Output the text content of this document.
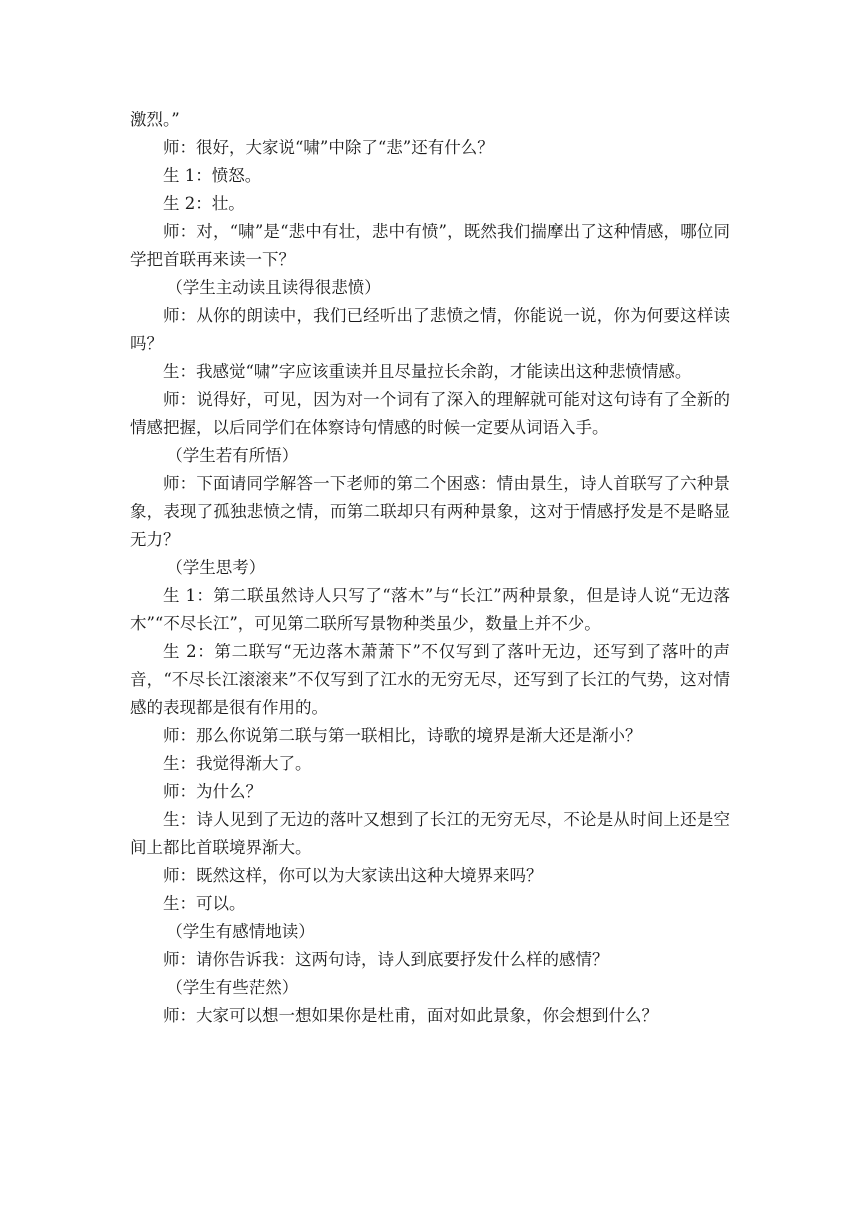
激烈。”

师：很好，大家说“啸”中除了“悲”还有什么？

生 1：愤怒。

生 2：壮。

师：对，“啸”是“悲中有壮，悲中有愤”，既然我们揣摩出了这种情感，哪位同学把首联再来读一下？

（学生主动读且读得很悲愤）

师：从你的朗读中，我们已经听出了悲愤之情，你能说一说，你为何要这样读吗？

生：我感觉“啸”字应该重读并且尽量拉长余韵，才能读出这种悲愤情感。

师：说得好，可见，因为对一个词有了深入的理解就可能对这句诗有了全新的情感把握，以后同学们在体察诗句情感的时候一定要从词语入手。

（学生若有所悟）

师：下面请同学解答一下老师的第二个困惑：情由景生，诗人首联写了六种景象，表现了孤独悲愤之情，而第二联却只有两种景象，这对于情感抒发是不是略显无力？

（学生思考）

生 1：第二联虽然诗人只写了“落木”与“长江”两种景象，但是诗人说“无边落木”“不尽长江”，可见第二联所写景物种类虽少，数量上并不少。

生 2：第二联写“无边落木萧萧下”不仅写到了落叶无边，还写到了落叶的声音，“不尽长江滚滚来”不仅写到了江水的无穷无尽，还写到了长江的气势，这对情感的表现都是很有作用的。

师：那么你说第二联与第一联相比，诗歌的境界是渐大还是渐小？

生：我觉得渐大了。

师：为什么？

生：诗人见到了无边的落叶又想到了长江的无穷无尽，不论是从时间上还是空间上都比首联境界渐大。

师：既然这样，你可以为大家读出这种大境界来吗？

生：可以。

（学生有感情地读）

师：请你告诉我：这两句诗，诗人到底要抒发什么样的感情？

（学生有些茫然）

师：大家可以想一想如果你是杜甫，面对如此景象，你会想到什么？
